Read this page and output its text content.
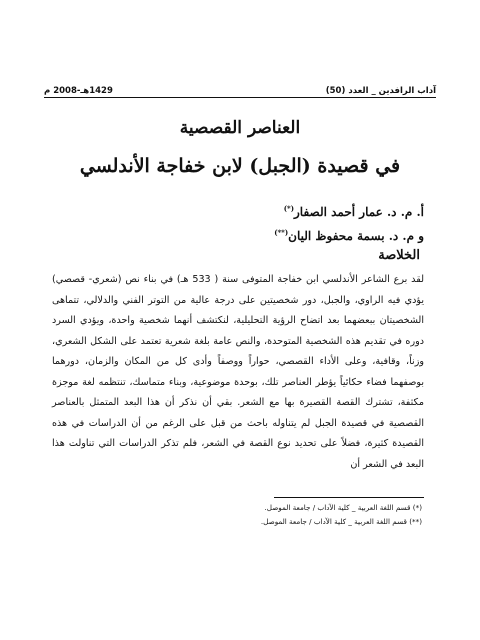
آداب الرافدين _ العدد (50)
1429هـ-2008 م
العناصر القصصية
في قصيدة (الجبل) لابن خفاجة الأندلسي
أ. م. د. عمار أحمد الصفار(*)
و م. د. بسمة محفوظ اليان(**)
الخلاصة
لقد برع الشاعر الأندلسي ابن خفاجة المتوفى سنة ( 533 هـ) في بناء نص (شعري- قصصي) يؤدي فيه الراوي، والجبل، دور شخصيتين على درجة عالية من التوتر الفني والدلالي، تتماهى الشخصيتان ببعضهما بعد اتضاح الرؤية التحليلية، لنكتشف أنهما شخصية واحدة، ويؤدي السرد دوره في تقديم هذه الشخصية المتوحدة، والنص عامة بلغة شعرية تعتمد على الشكل الشعري، وزناً، وقافية، وعلى الأداء القصصي، حواراً ووصفاً وأدى كل من المكان والزمان، دورهما بوصفهما فضاء حكائياً يؤطر العناصر تلك، بوحدة موضوعية، وبناء متماسك، تنتظمه لغة موجزة مكثفة، تشترك القصة القصيرة بها مع الشعر. بقي أن نذكر أن هذا البعد المتمثل بالعناصر القصصية في قصيدة الجبل لم يتناوله باحث من قبل على الرغم من أن الدراسات في هذه القصيدة كثيرة، فضلاً على تحديد نوع القصة في الشعر، فلم تذكر الدراسات التي تناولت هذا البعد في الشعر أن
(*) قسم اللغة العربية _ كلية الآداب / جامعة الموصل.
(**) قسم اللغة العربية _ كلية الآداب / جامعة الموصل.
